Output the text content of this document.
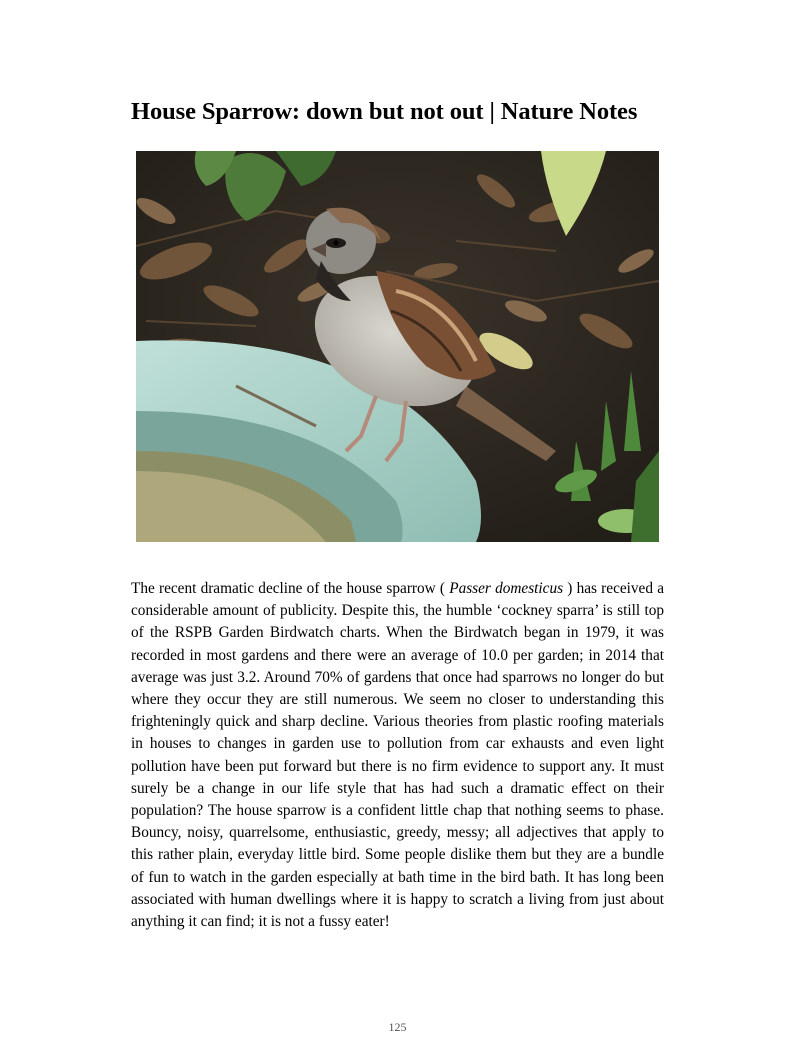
House Sparrow: down but not out | Nature Notes

The recent dramatic decline of the house sparrow ( Passer domesticus ) has received a considerable amount of publicity. Despite this, the humble ‘cockney sparra’ is still top of the RSPB Garden Birdwatch charts. When the Birdwatch began in 1979, it was recorded in most gardens and there were an average of 10.0 per garden; in 2014 that average was just 3.2. Around 70% of gardens that once had sparrows no longer do but where they occur they are still numerous. We seem no closer to understanding this frighteningly quick and sharp decline. Various theories from plastic roofing materials in houses to changes in garden use to pollution from car exhausts and even light pollution have been put forward but there is no firm evidence to support any. It must surely be a change in our life style that has had such a dramatic effect on their population? The house sparrow is a confident little chap that nothing seems to phase. Bouncy, noisy, quarrelsome, enthusiastic, greedy, messy; all adjectives that apply to this rather plain, everyday little bird. Some people dislike them but they are a bundle of fun to watch in the garden especially at bath time in the bird bath. It has long been associated with human dwellings where it is happy to scratch a living from just about anything it can find; it is not a fussy eater!

125
